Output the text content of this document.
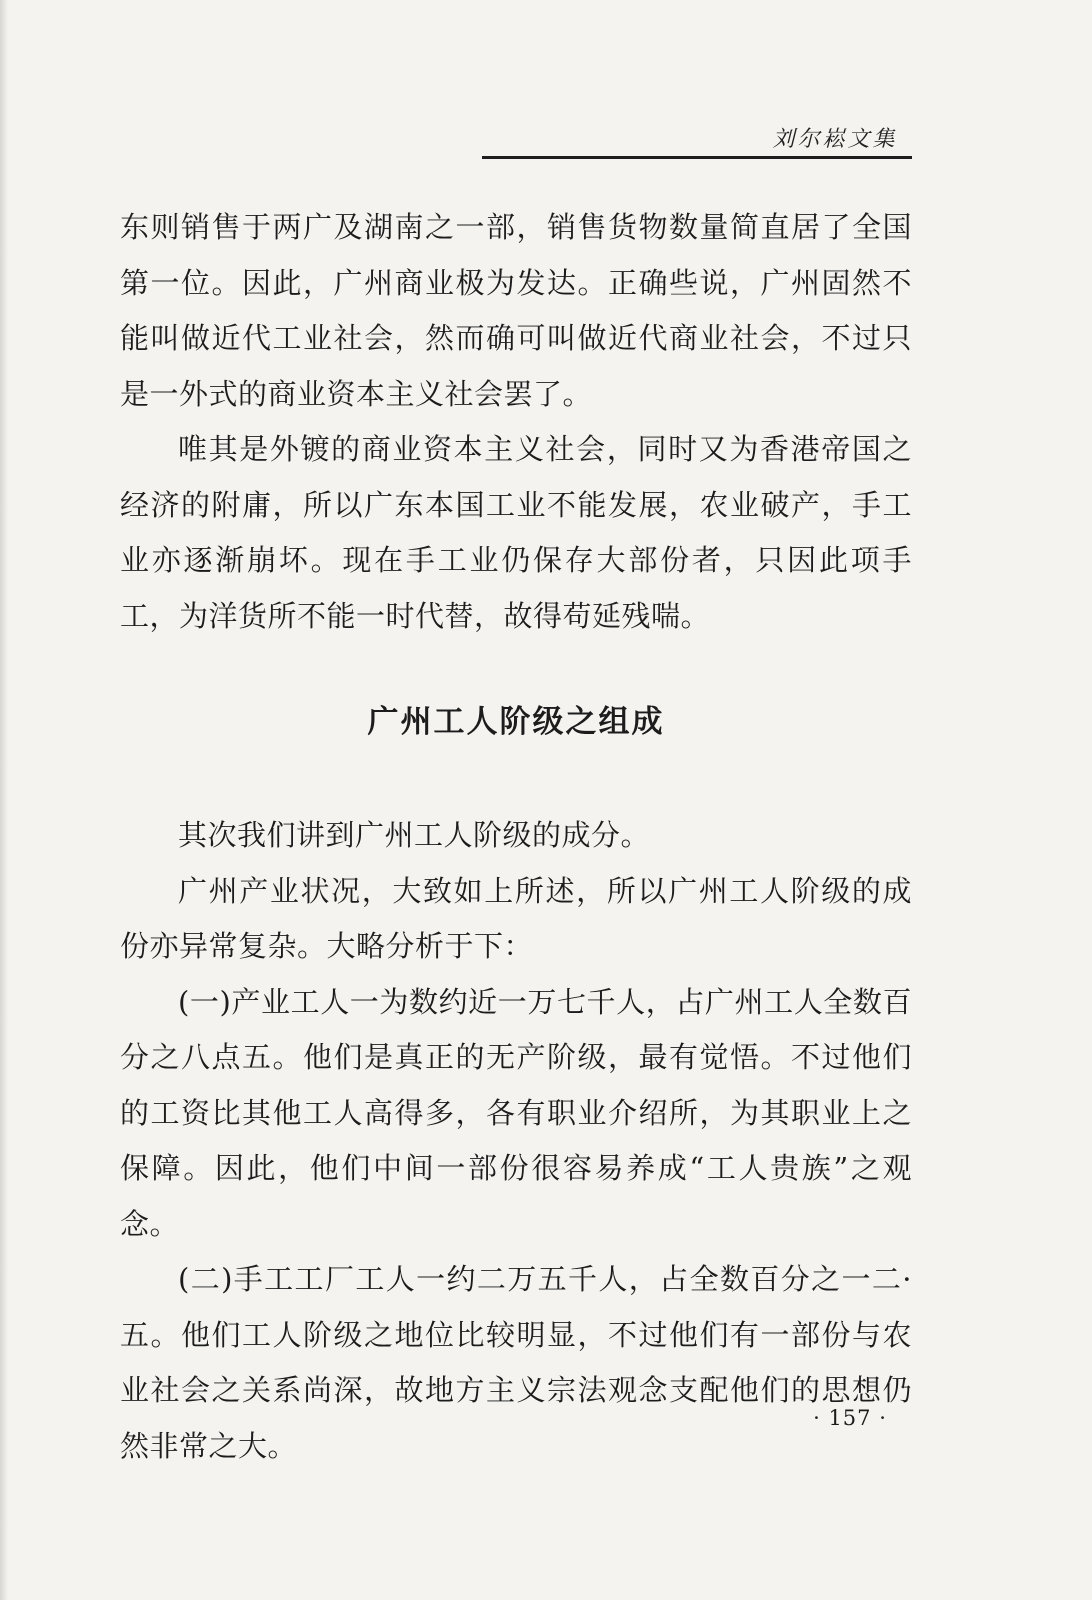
刘尔崧文集

东则销售于两广及湖南之一部，销售货物数量简直居了全国第一位。因此，广州商业极为发达。正确些说，广州固然不能叫做近代工业社会，然而确可叫做近代商业社会，不过只是一外式的商业资本主义社会罢了。

唯其是外镀的商业资本主义社会，同时又为香港帝国之经济的附庸，所以广东本国工业不能发展，农业破产，手工业亦逐渐崩坏。现在手工业仍保存大部份者，只因此项手工，为洋货所不能一时代替，故得苟延残喘。

广州工人阶级之组成

其次我们讲到广州工人阶级的成分。

广州产业状况，大致如上所述，所以广州工人阶级的成份亦异常复杂。大略分析于下：

(一)产业工人一为数约近一万七千人，占广州工人全数百分之八点五。他们是真正的无产阶级，最有觉悟。不过他们的工资比其他工人高得多，各有职业介绍所，为其职业上之保障。因此，他们中间一部份很容易养成“工人贵族”之观念。

(二)手工工厂工人一约二万五千人，占全数百分之一二·五。他们工人阶级之地位比较明显，不过他们有一部份与农业社会之关系尚深，故地方主义宗法观念支配他们的思想仍然非常之大。

· 157 ·
